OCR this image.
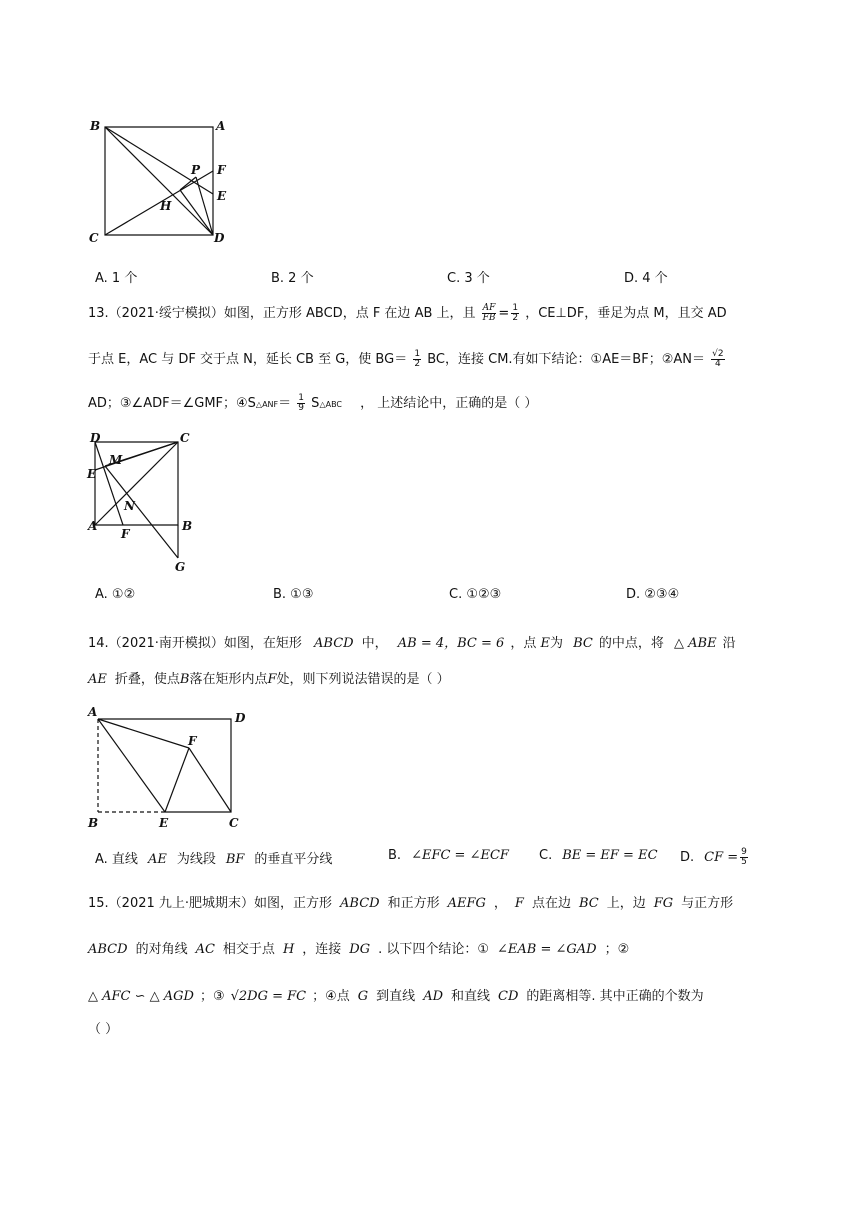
B	A
P F
E
H
C	D
A. 1 个	B. 2 个	C. 3 个	D. 4 个
13.（2021·绥宁模拟）如图，正方形 ABCD，点 F 在边 AB 上，且 $\frac{AF}{FB} = \frac{1}{2}$ ，CE⊥DF，垂足为点 M，且交 AD
于点 E，AC 与 DF 交于点 N，延长 CB 至 G，使 $BG= \frac{1}{2}$ BC，连接 CM.有如下结论：①AE＝BF；②AN＝ $\frac{√2}{4}$
AD；③∠ADF＝∠GMF；④S△ANF＝ $\frac{1}{9}$ S△ABC ， 上述结论中，正确的是（ ）
D	C
M
E
N
A
F
B
G
A. ①②	B. ①③	C. ①②③	D. ②③④
14.（2021·南开模拟）如图，在矩形 ABCD 中， AB = 4，BC = 6 ，点 E为 BC 的中点，将 △ ABE 沿
AE 折叠，使点B落在矩形内点F处，则下列说法错误的是（ ）
A	D
F
B	E	C
A. 直线 AE 为线段 BF 的垂直平分线	B. ∠EFC = ∠ECF C. BE = EF = EC D. CF = $\frac{9}{5}$
15.（2021 九上·肥城期末）如图，正方形 ABCD 和正方形 AEFG ， F 点在边 BC 上，边 FG 与正方形
ABCD 的对角线 AC 相交于点 H ，连接 DG . 以下四个结论：① ∠EAB = ∠GAD ；②
△ AFC ∽ △ AGD ；③ √2DG = FC ；④点 G 到直线 AD 和直线 CD 的距离相等. 其中正确的个数为
（ ）
